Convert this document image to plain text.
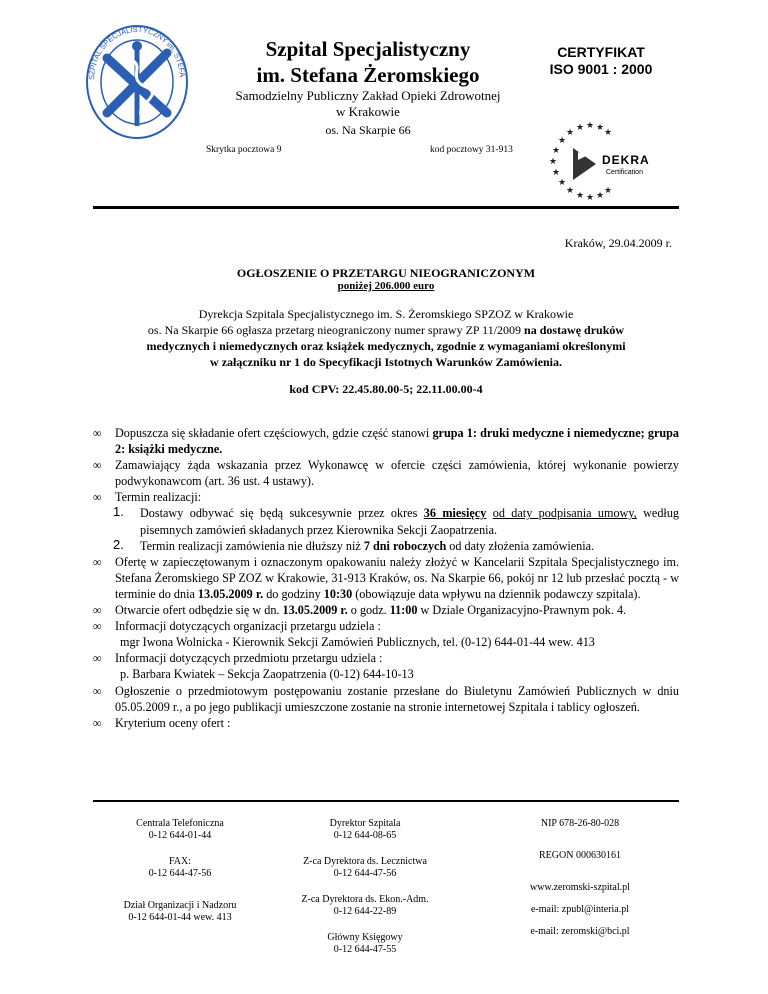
SZPITAL SPECJALISTYCZNY im. STEFA
Szpital Specjalistyczny
im. Stefana Żeromskiego
Samodzielny Publiczny Zakład Opieki Zdrowotnej
w Krakowie
os. Na Skarpie 66
Skrytka pocztowa 9	kod pocztowy 31-913
CERTYFIKAT
ISO 9001 : 2000
★ ★ ★ ★
★
★
★
★
★
★
★ ★ ★ ★ ★
DEKRA
Certification
Kraków, 29.04.2009 r.
OGŁOSZENIE O PRZETARGU NIEOGRANICZONYM
poniżej 206.000 euro
Dyrekcja Szpitala Specjalistycznego im. S. Żeromskiego SPZOZ w Krakowie
os. Na Skarpie 66 ogłasza przetarg nieograniczony numer sprawy ZP 11/2009 na dostawę druków
medycznych i niemedycznych oraz książek medycznych, zgodnie z wymaganiami określonymi
w załączniku nr 1 do Specyfikacji Istotnych Warunków Zamówienia.
kod CPV: 22.45.80.00-5; 22.11.00.00-4
∞	Dopuszcza się składanie ofert częściowych, gdzie część stanowi grupa 1: druki medyczne i niemedyczne; grupa 2: książki medyczne.
∞	Zamawiający żąda wskazania przez Wykonawcę w ofercie części zamówienia, której wykonanie powierzy podwykonawcom (art. 36 ust. 4 ustawy).
∞	Termin realizacji:
1. Dostawy odbywać się będą sukcesywnie przez okres 36 miesięcy od daty podpisania umowy, według pisemnych zamówień składanych przez Kierownika Sekcji Zaopatrzenia.
2. Termin realizacji zamówienia nie dłuższy niż 7 dni roboczych od daty złożenia zamówienia.
∞	Ofertę w zapieczętowanym i oznaczonym opakowaniu należy złożyć w Kancelarii Szpitala Specjalistycznego im. Stefana Żeromskiego SP ZOZ w Krakowie, 31-913 Kraków, os. Na Skarpie 66, pokój nr 12 lub przesłać pocztą - w terminie do dnia 13.05.2009 r. do godziny 10:30 (obowiązuje data wpływu na dziennik podawczy szpitala).
∞	Otwarcie ofert odbędzie się w dn. 13.05.2009 r. o godz. 11:00 w Dziale Organizacyjno-Prawnym pok. 4.
∞	Informacji dotyczących organizacji przetargu udziela :
mgr Iwona Wolnicka - Kierownik Sekcji Zamówień Publicznych, tel. (0-12) 644-01-44 wew. 413
∞	Informacji dotyczących przedmiotu przetargu udziela :
p. Barbara Kwiatek – Sekcja Zaopatrzenia (0-12) 644-10-13
∞	Ogłoszenie o przedmiotowym postępowaniu zostanie przesłane do Biuletynu Zamówień Publicznych w dniu 05.05.2009 r., a po jego publikacji umieszczone zostanie na stronie internetowej Szpitala i tablicy ogłoszeń.
∞	Kryterium oceny ofert :
Centrala Telefoniczna
0-12 644-01-44
FAX:
0-12 644-47-56
Dział Organizacji i Nadzoru
0-12 644-01-44 wew. 413
Dyrektor Szpitala
0-12 644-08-65
Z-ca Dyrektora ds. Lecznictwa
0-12 644-47-56
Z-ca Dyrektora ds. Ekon.-Adm.
0-12 644-22-89
Główny Księgowy
0-12 644-47-55
NIP 678-26-80-028
REGON 000630161
www.zeromski-szpital.pl
e-mail: zpubl@interia.pl
e-mail: zeromski@bci.pl
